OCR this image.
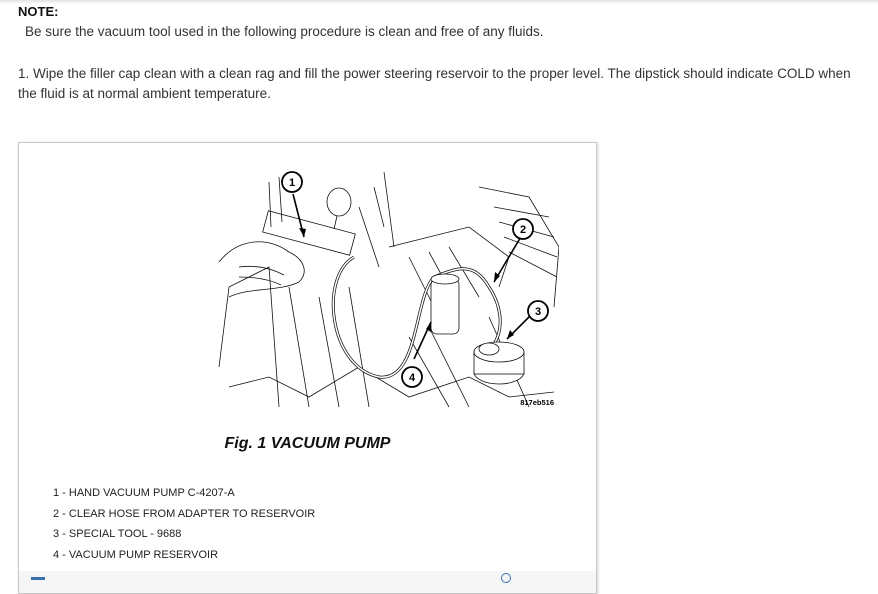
NOTE:
Be sure the vacuum tool used in the following procedure is clean and free of any fluids.
1. Wipe the filler cap clean with a clean rag and fill the power steering reservoir to the proper level. The dipstick should indicate COLD when the fluid is at normal ambient temperature.
1
2
3
4
817eb516
Fig. 1 VACUUM PUMP
1 - HAND VACUUM PUMP C-4207-A
2 - CLEAR HOSE FROM ADAPTER TO RESERVOIR
3 - SPECIAL TOOL - 9688
4 - VACUUM PUMP RESERVOIR
